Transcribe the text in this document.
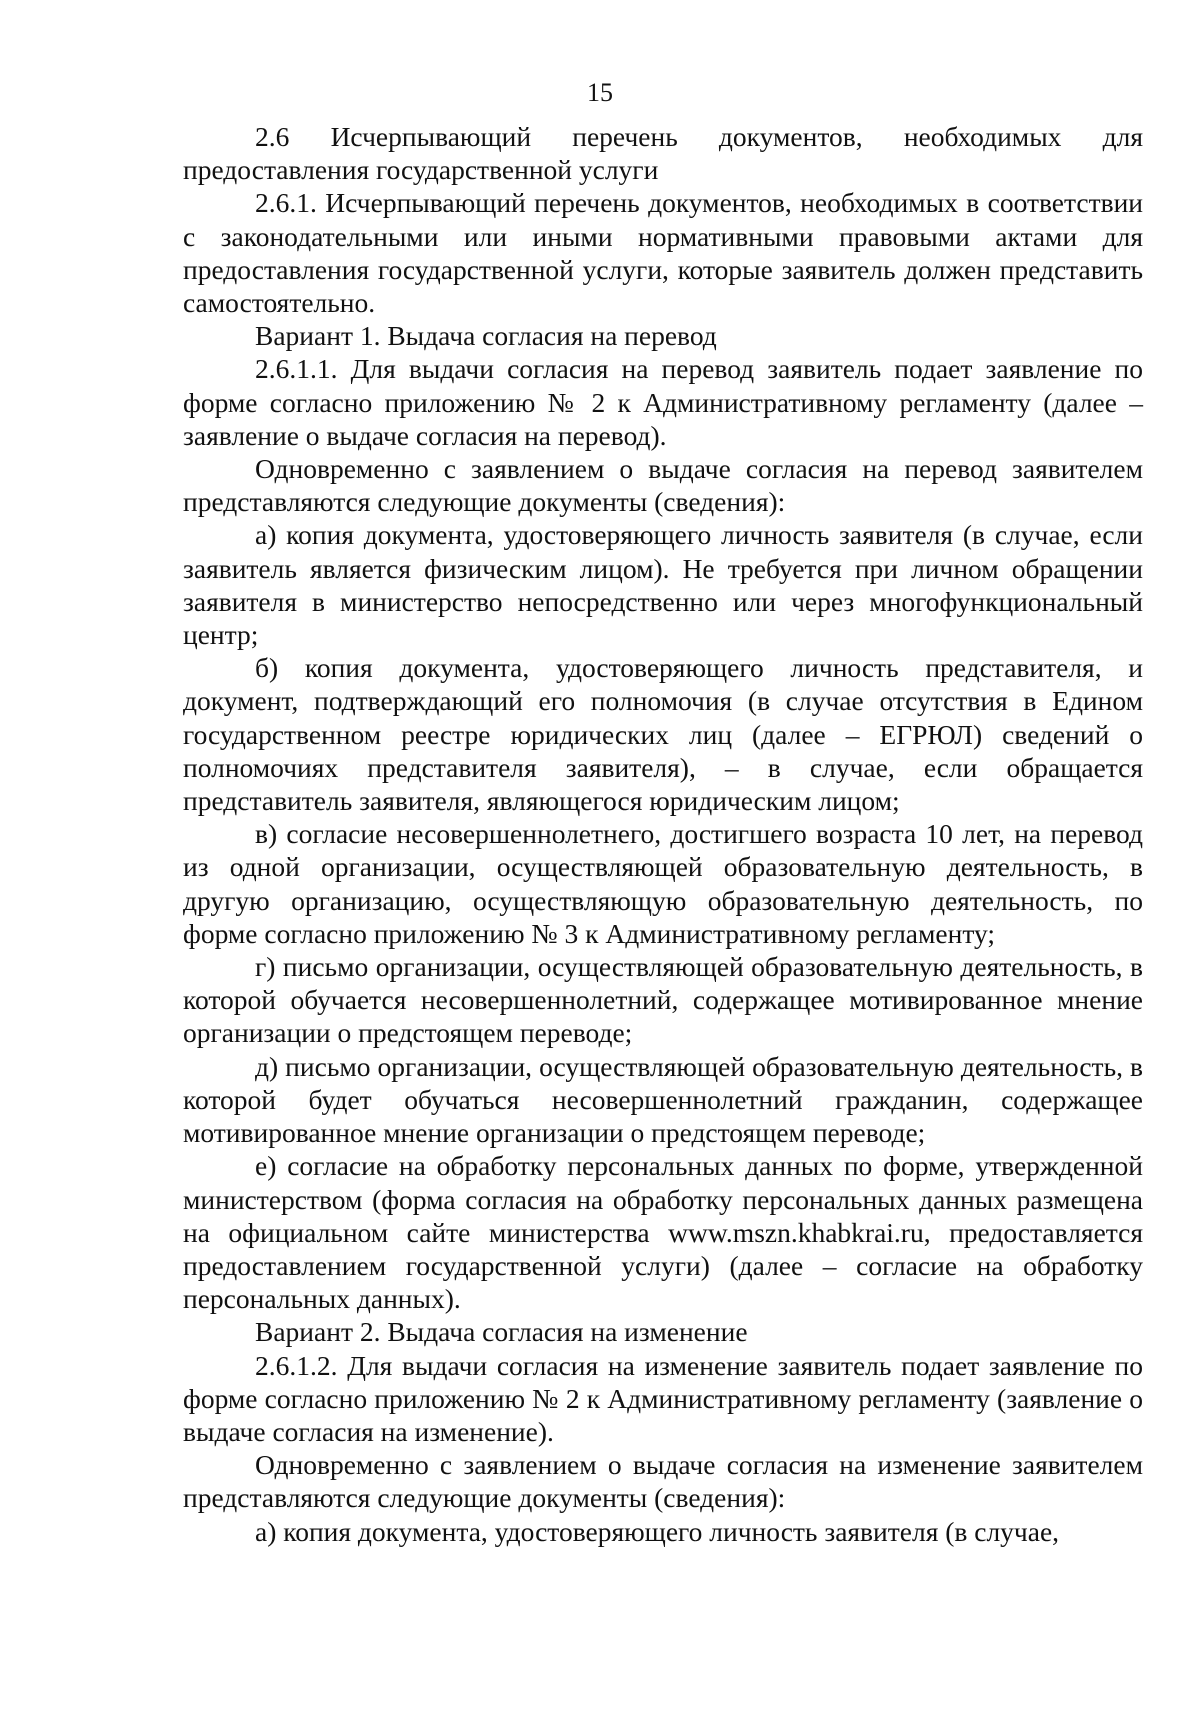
15

2.6 Исчерпывающий перечень документов, необходимых для предоставления государственной услуги

2.6.1. Исчерпывающий перечень документов, необходимых в соответствии с законодательными или иными нормативными правовыми актами для предоставления государственной услуги, которые заявитель должен представить самостоятельно.

Вариант 1. Выдача согласия на перевод

2.6.1.1. Для выдачи согласия на перевод заявитель подает заявление по форме согласно приложению № 2 к Административному регламенту (далее – заявление о выдаче согласия на перевод).

Одновременно с заявлением о выдаче согласия на перевод заявителем представляются следующие документы (сведения):

а) копия документа, удостоверяющего личность заявителя (в случае, если заявитель является физическим лицом). Не требуется при личном обращении заявителя в министерство непосредственно или через многофункциональный центр;

б) копия документа, удостоверяющего личность представителя, и документ, подтверждающий его полномочия (в случае отсутствия в Едином государственном реестре юридических лиц (далее – ЕГРЮЛ) сведений о полномочиях представителя заявителя), – в случае, если обращается представитель заявителя, являющегося юридическим лицом;

в) согласие несовершеннолетнего, достигшего возраста 10 лет, на перевод из одной организации, осуществляющей образовательную деятельность, в другую организацию, осуществляющую образовательную деятельность, по форме согласно приложению № 3 к Административному регламенту;

г) письмо организации, осуществляющей образовательную деятельность, в которой обучается несовершеннолетний, содержащее мотивированное мнение организации о предстоящем переводе;

д) письмо организации, осуществляющей образовательную деятельность, в которой будет обучаться несовершеннолетний гражданин, содержащее мотивированное мнение организации о предстоящем переводе;

е) согласие на обработку персональных данных по форме, утвержденной министерством (форма согласия на обработку персональных данных размещена на официальном сайте министерства www.mszn.khabkrai.ru, предоставляется предоставлением государственной услуги) (далее – согласие на обработку персональных данных).

Вариант 2. Выдача согласия на изменение

2.6.1.2. Для выдачи согласия на изменение заявитель подает заявление по форме согласно приложению № 2 к Административному регламенту (заявление о выдаче согласия на изменение).

Одновременно с заявлением о выдаче согласия на изменение заявителем представляются следующие документы (сведения):

а) копия документа, удостоверяющего личность заявителя (в случае,
